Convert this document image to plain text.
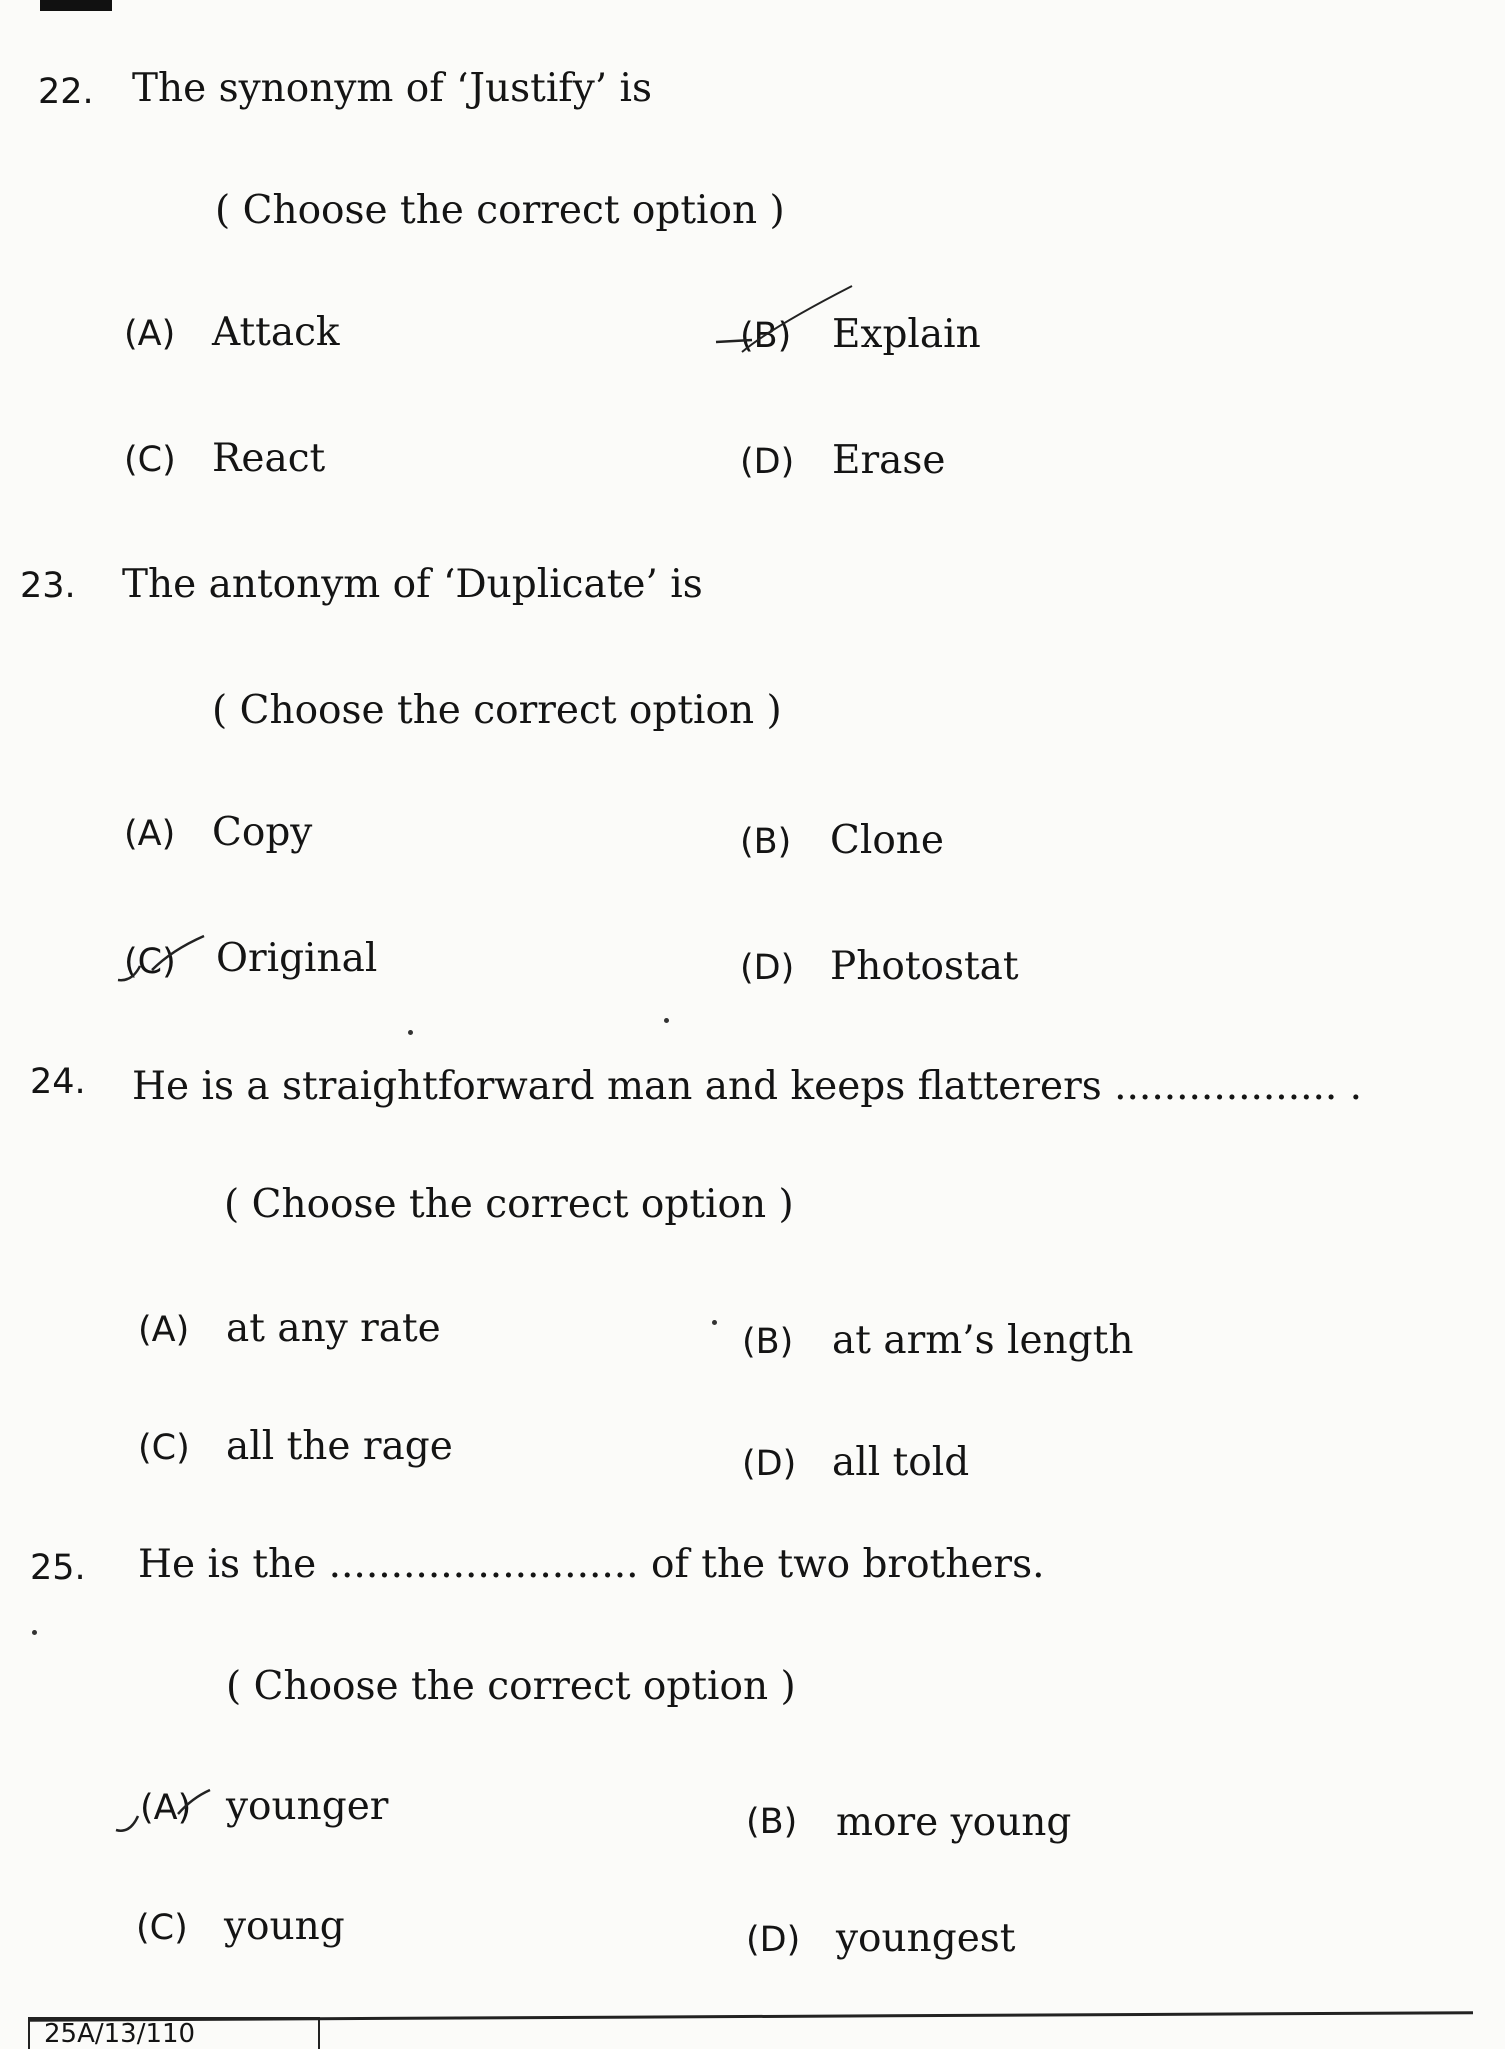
22. The synonym of ‘Justify’ is
( Choose the correct option )
(A) Attack	(B) Explain
(C) React	(D) Erase
23. The antonym of ‘Duplicate’ is
( Choose the correct option )
(A) Copy	(B) Clone
(C) Original	(D) Photostat
24. He is a straightforward man and keeps flatterers .................. .
( Choose the correct option )
(A) at any rate	(B) at arm’s length
(C) all the rage	(D) all told
25. He is the ......................... of the two brothers.
( Choose the correct option )
(A) younger	(B) more young
(C) young	(D) youngest
25A/13/110
